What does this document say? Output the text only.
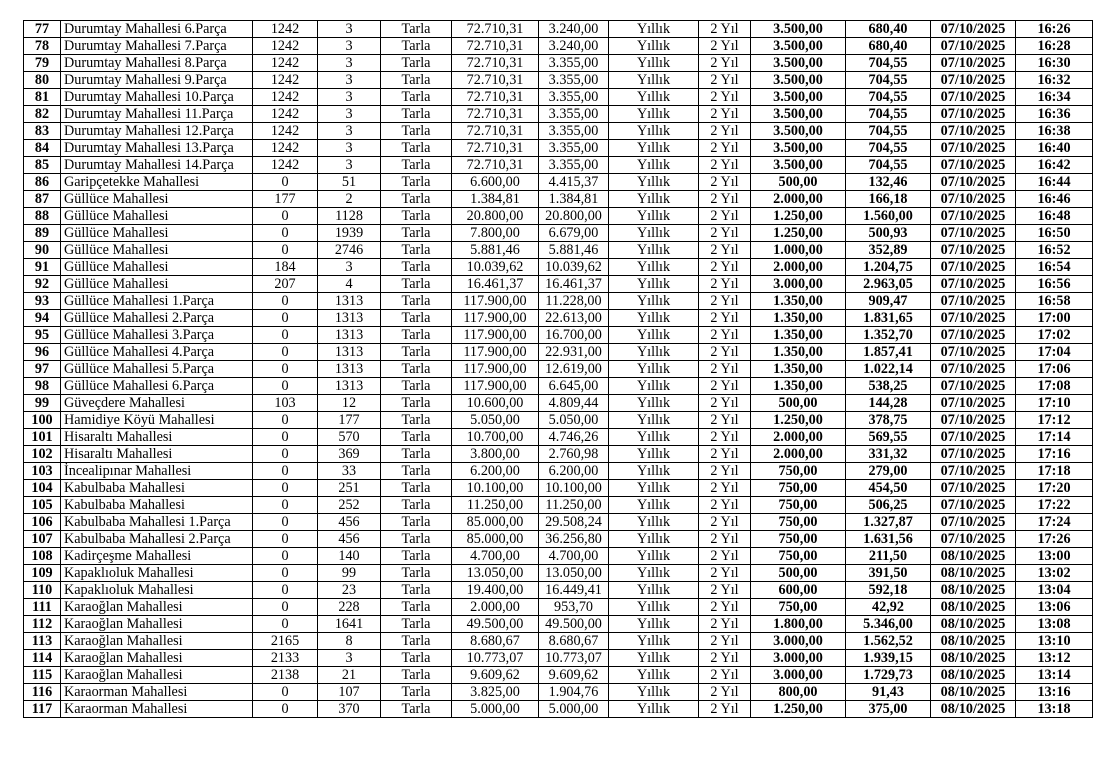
77	Durumtay Mahallesi 6.Parça	1242	3	Tarla	72.710,31	3.240,00	Yıllık	2 Yıl	3.500,00	680,40	07/10/2025	16:26
78	Durumtay Mahallesi 7.Parça	1242	3	Tarla	72.710,31	3.240,00	Yıllık	2 Yıl	3.500,00	680,40	07/10/2025	16:28
79	Durumtay Mahallesi 8.Parça	1242	3	Tarla	72.710,31	3.355,00	Yıllık	2 Yıl	3.500,00	704,55	07/10/2025	16:30
80	Durumtay Mahallesi 9.Parça	1242	3	Tarla	72.710,31	3.355,00	Yıllık	2 Yıl	3.500,00	704,55	07/10/2025	16:32
81	Durumtay Mahallesi 10.Parça	1242	3	Tarla	72.710,31	3.355,00	Yıllık	2 Yıl	3.500,00	704,55	07/10/2025	16:34
82	Durumtay Mahallesi 11.Parça	1242	3	Tarla	72.710,31	3.355,00	Yıllık	2 Yıl	3.500,00	704,55	07/10/2025	16:36
83	Durumtay Mahallesi 12.Parça	1242	3	Tarla	72.710,31	3.355,00	Yıllık	2 Yıl	3.500,00	704,55	07/10/2025	16:38
84	Durumtay Mahallesi 13.Parça	1242	3	Tarla	72.710,31	3.355,00	Yıllık	2 Yıl	3.500,00	704,55	07/10/2025	16:40
85	Durumtay Mahallesi 14.Parça	1242	3	Tarla	72.710,31	3.355,00	Yıllık	2 Yıl	3.500,00	704,55	07/10/2025	16:42
86	Garipçetekke Mahallesi	0	51	Tarla	6.600,00	4.415,37	Yıllık	2 Yıl	500,00	132,46	07/10/2025	16:44
87	Güllüce Mahallesi	177	2	Tarla	1.384,81	1.384,81	Yıllık	2 Yıl	2.000,00	166,18	07/10/2025	16:46
88	Güllüce Mahallesi	0	1128	Tarla	20.800,00	20.800,00	Yıllık	2 Yıl	1.250,00	1.560,00	07/10/2025	16:48
89	Güllüce Mahallesi	0	1939	Tarla	7.800,00	6.679,00	Yıllık	2 Yıl	1.250,00	500,93	07/10/2025	16:50
90	Güllüce Mahallesi	0	2746	Tarla	5.881,46	5.881,46	Yıllık	2 Yıl	1.000,00	352,89	07/10/2025	16:52
91	Güllüce Mahallesi	184	3	Tarla	10.039,62	10.039,62	Yıllık	2 Yıl	2.000,00	1.204,75	07/10/2025	16:54
92	Güllüce Mahallesi	207	4	Tarla	16.461,37	16.461,37	Yıllık	2 Yıl	3.000,00	2.963,05	07/10/2025	16:56
93	Güllüce Mahallesi 1.Parça	0	1313	Tarla	117.900,00	11.228,00	Yıllık	2 Yıl	1.350,00	909,47	07/10/2025	16:58
94	Güllüce Mahallesi 2.Parça	0	1313	Tarla	117.900,00	22.613,00	Yıllık	2 Yıl	1.350,00	1.831,65	07/10/2025	17:00
95	Güllüce Mahallesi 3.Parça	0	1313	Tarla	117.900,00	16.700,00	Yıllık	2 Yıl	1.350,00	1.352,70	07/10/2025	17:02
96	Güllüce Mahallesi 4.Parça	0	1313	Tarla	117.900,00	22.931,00	Yıllık	2 Yıl	1.350,00	1.857,41	07/10/2025	17:04
97	Güllüce Mahallesi 5.Parça	0	1313	Tarla	117.900,00	12.619,00	Yıllık	2 Yıl	1.350,00	1.022,14	07/10/2025	17:06
98	Güllüce Mahallesi 6.Parça	0	1313	Tarla	117.900,00	6.645,00	Yıllık	2 Yıl	1.350,00	538,25	07/10/2025	17:08
99	Güveçdere Mahallesi	103	12	Tarla	10.600,00	4.809,44	Yıllık	2 Yıl	500,00	144,28	07/10/2025	17:10
100	Hamidiye Köyü Mahallesi	0	177	Tarla	5.050,00	5.050,00	Yıllık	2 Yıl	1.250,00	378,75	07/10/2025	17:12
101	Hisaraltı Mahallesi	0	570	Tarla	10.700,00	4.746,26	Yıllık	2 Yıl	2.000,00	569,55	07/10/2025	17:14
102	Hisaraltı Mahallesi	0	369	Tarla	3.800,00	2.760,98	Yıllık	2 Yıl	2.000,00	331,32	07/10/2025	17:16
103	İncealipınar Mahallesi	0	33	Tarla	6.200,00	6.200,00	Yıllık	2 Yıl	750,00	279,00	07/10/2025	17:18
104	Kabulbaba Mahallesi	0	251	Tarla	10.100,00	10.100,00	Yıllık	2 Yıl	750,00	454,50	07/10/2025	17:20
105	Kabulbaba Mahallesi	0	252	Tarla	11.250,00	11.250,00	Yıllık	2 Yıl	750,00	506,25	07/10/2025	17:22
106	Kabulbaba Mahallesi 1.Parça	0	456	Tarla	85.000,00	29.508,24	Yıllık	2 Yıl	750,00	1.327,87	07/10/2025	17:24
107	Kabulbaba Mahallesi 2.Parça	0	456	Tarla	85.000,00	36.256,80	Yıllık	2 Yıl	750,00	1.631,56	07/10/2025	17:26
108	Kadirçeşme Mahallesi	0	140	Tarla	4.700,00	4.700,00	Yıllık	2 Yıl	750,00	211,50	08/10/2025	13:00
109	Kapaklıoluk Mahallesi	0	99	Tarla	13.050,00	13.050,00	Yıllık	2 Yıl	500,00	391,50	08/10/2025	13:02
110	Kapaklıoluk Mahallesi	0	23	Tarla	19.400,00	16.449,41	Yıllık	2 Yıl	600,00	592,18	08/10/2025	13:04
111	Karaoğlan Mahallesi	0	228	Tarla	2.000,00	953,70	Yıllık	2 Yıl	750,00	42,92	08/10/2025	13:06
112	Karaoğlan Mahallesi	0	1641	Tarla	49.500,00	49.500,00	Yıllık	2 Yıl	1.800,00	5.346,00	08/10/2025	13:08
113	Karaoğlan Mahallesi	2165	8	Tarla	8.680,67	8.680,67	Yıllık	2 Yıl	3.000,00	1.562,52	08/10/2025	13:10
114	Karaoğlan Mahallesi	2133	3	Tarla	10.773,07	10.773,07	Yıllık	2 Yıl	3.000,00	1.939,15	08/10/2025	13:12
115	Karaoğlan Mahallesi	2138	21	Tarla	9.609,62	9.609,62	Yıllık	2 Yıl	3.000,00	1.729,73	08/10/2025	13:14
116	Karaorman Mahallesi	0	107	Tarla	3.825,00	1.904,76	Yıllık	2 Yıl	800,00	91,43	08/10/2025	13:16
117	Karaorman Mahallesi	0	370	Tarla	5.000,00	5.000,00	Yıllık	2 Yıl	1.250,00	375,00	08/10/2025	13:18
